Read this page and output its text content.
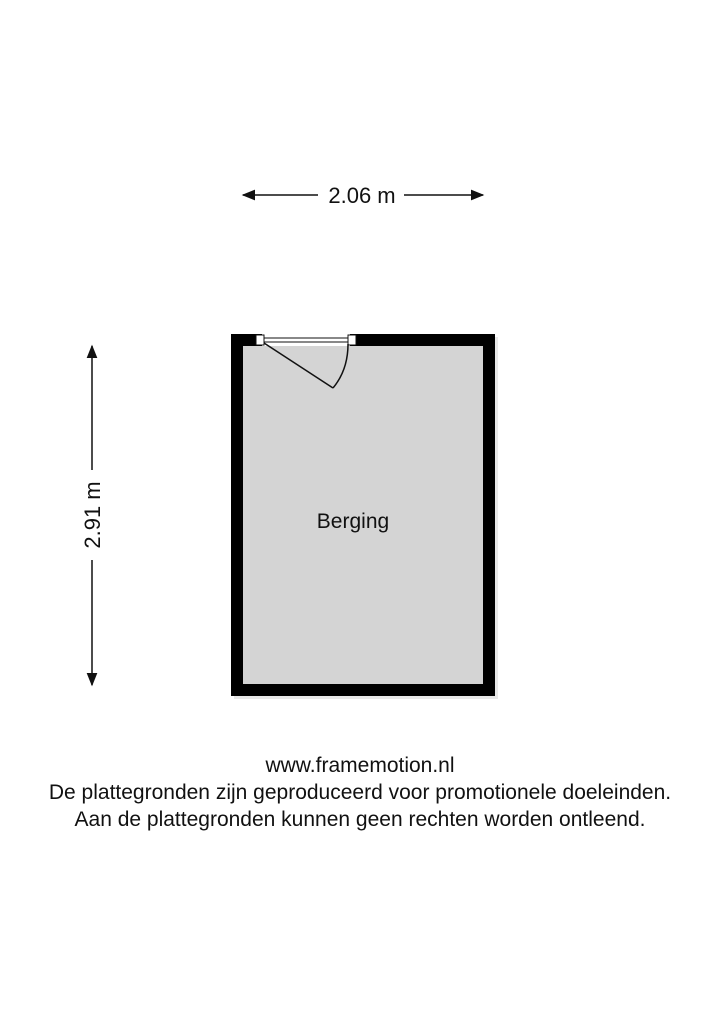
2.06 m
2.91 m	Berging
www.framemotion.nl
De plattegronden zijn geproduceerd voor promotionele doeleinden.
Aan de plattegronden kunnen geen rechten worden ontleend.
